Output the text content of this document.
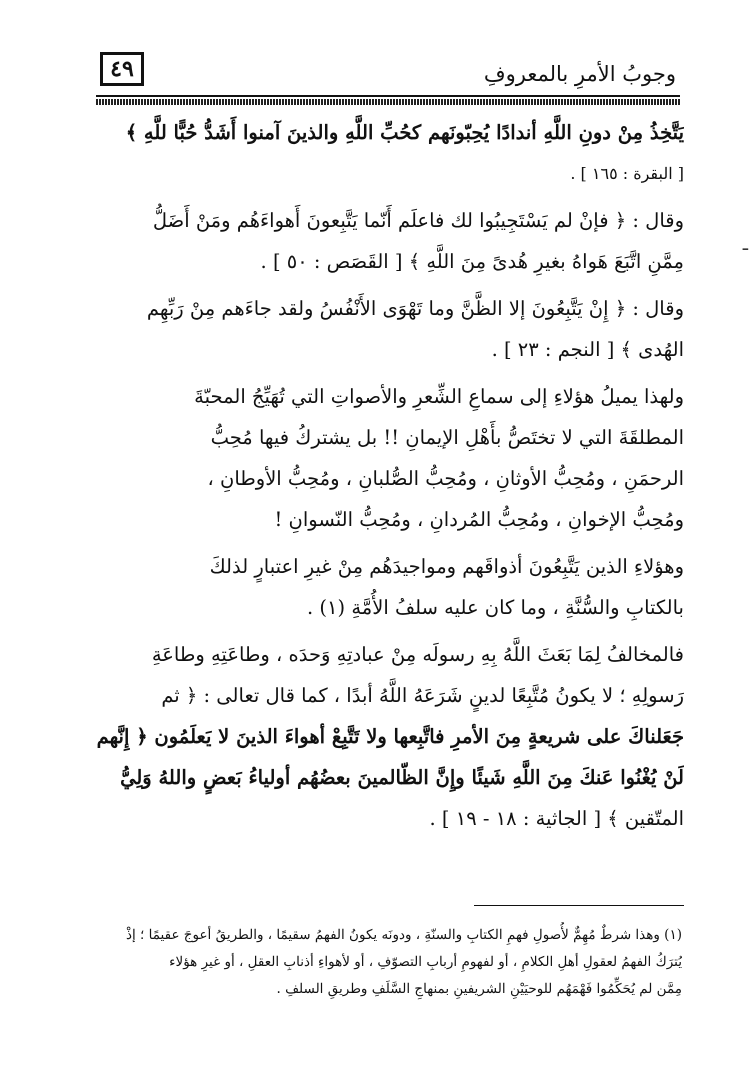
٤٩	وجوبُ الأمرِ بالمعروفِ
ـ

يَتَّخِذُ مِنْ دونِ اللَّهِ أندادًا يُحِبّونَهم كحُبِّ اللَّهِ والذينَ آمنوا أَشَدُّ حُبًّا للَّهِ ﴾
[ البقرة : ١٦٥ ] .

وقال : ﴿ فإنْ لم يَسْتَجِيبُوا لك فاعلَم أَنّما يَتَّبِعونَ أَهواءَهُم ومَنْ أَضَلُّ
مِمَّنِ اتَّبَعَ هَواهُ بغيرِ هُدىً مِنَ اللَّهِ ﴾ [ القَصَص : ٥٠ ] .

وقال : ﴿ إِنْ يَتَّبِعُونَ إلا الظَّنَّ وما تَهْوَى الأَنْفُسُ ولقد جاءَهم مِنْ رَبِّهِم
الهُدى ﴾ [ النجم : ٢٣ ] .

ولهذا يميلُ هؤلاءِ إلى سماعِ الشِّعرِ والأصواتِ التي تُهَيِّجُ المحبّةَ
المطلقَةَ التي لا تختَصُّ بأَهْلِ الإيمانِ !! بل يشتركُ فيها مُحِبُّ
الرحمَنِ ، ومُحِبُّ الأوثانِ ، ومُحِبُّ الصُّلبانِ ، ومُحِبُّ الأوطانِ ،
ومُحِبُّ الإخوانِ ، ومُحِبُّ المُردانِ ، ومُحِبُّ النّسوانِ !

وهؤلاءِ الذين يَتَّبِعُونَ أذواقَهم ومواجيدَهُم مِنْ غيرِ اعتبارٍ لذلكَ
بالكتابِ والسُّنَّةِ ، وما كان عليه سلفُ الأُمَّةِ (١) .

فالمخالفُ لِمَا بَعَثَ اللَّهُ بِهِ رسولَه مِنْ عبادتِهِ وَحدَه ، وطاعَتِهِ وطاعَةِ
رَسولِهِ ؛ لا يكونُ مُتَّبِعًا لدينٍ شَرَعَهُ اللَّهُ أبدًا ، كما قال تعالى : ﴿ ثم
جَعَلناكَ على شريعةٍ مِنَ الأمرِ فاتَّبِعها ولا تَتَّبِعْ أهواءَ الذينَ لا يَعلَمُون ﴿ إِنَّهم
لَنْ يُغْنُوا عَنكَ مِنَ اللَّهِ شَيئًا وإِنَّ الظّالمينَ بعضُهُم أولياءُ بَعضٍ واللهُ وَلِيُّ
المتّقين ﴾ [ الجاثية : ١٨ - ١٩ ] .

(١) وهذا شرطٌ مُهِمٌّ لأُصولِ فهمِ الكتابِ والسنّةِ ، ودونَه يكونُ الفهمُ سقيمًا ، والطريقُ أعوجَ عقيمًا ؛ إذْ
يُترَكُ الفهمُ لعقولِ أهلِ الكلامِ ، أو لفهومِ أربابِ التصوّفِ ، أو لأهواءِ أذنابِ العقلِ ، أو غيرِ هؤلاء
مِمَّن لم يُحَكِّمُوا فَهْمَهُم للوحيَيْنِ الشريفينِ بمنهاجِ السَّلَفِ وطريقِ السلفِ .
